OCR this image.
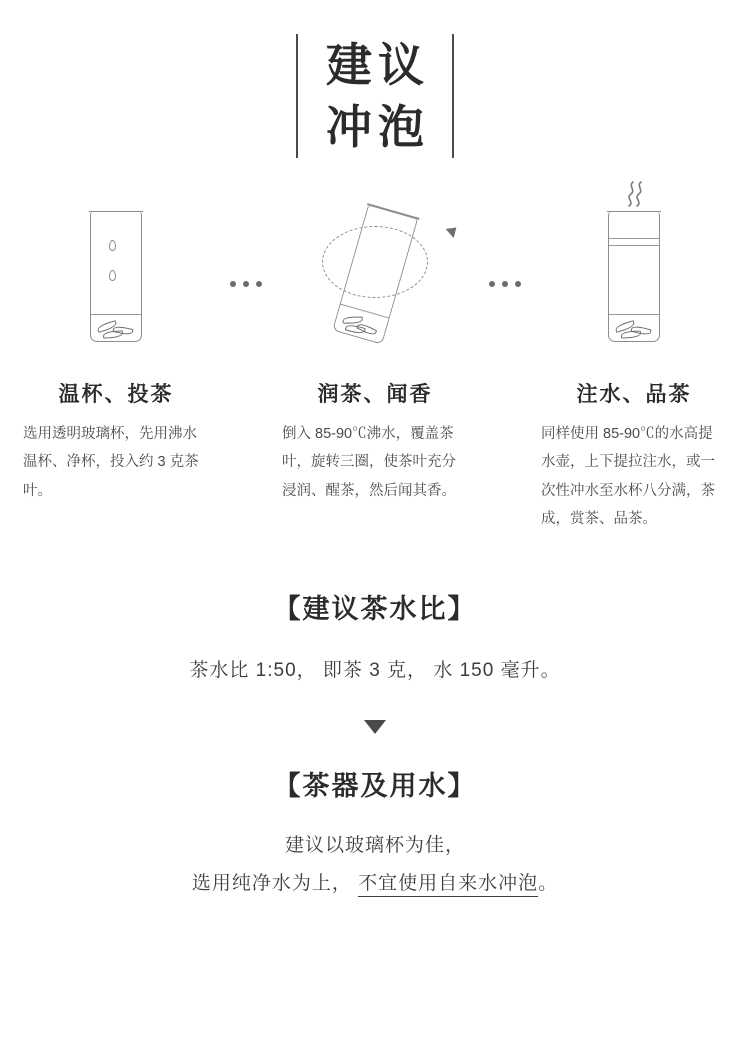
建议
冲泡
温杯、投茶
选用透明玻璃杯，先用沸水温杯、净杯，投入约 3 克茶叶。
润茶、闻香
倒入 85-90℃沸水，覆盖茶叶，旋转三圈，使茶叶充分浸润、醒茶，然后闻其香。
注水、品茶
同样使用 85-90℃的水高提水壶，上下提拉注水，或一次性冲水至水杯八分满，茶成，赏茶、品茶。
【建议茶水比】
茶水比 1:50， 即茶 3 克， 水 150 毫升。
【茶器及用水】
建议以玻璃杯为佳，
选用纯净水为上， 不宜使用自来水冲泡。
